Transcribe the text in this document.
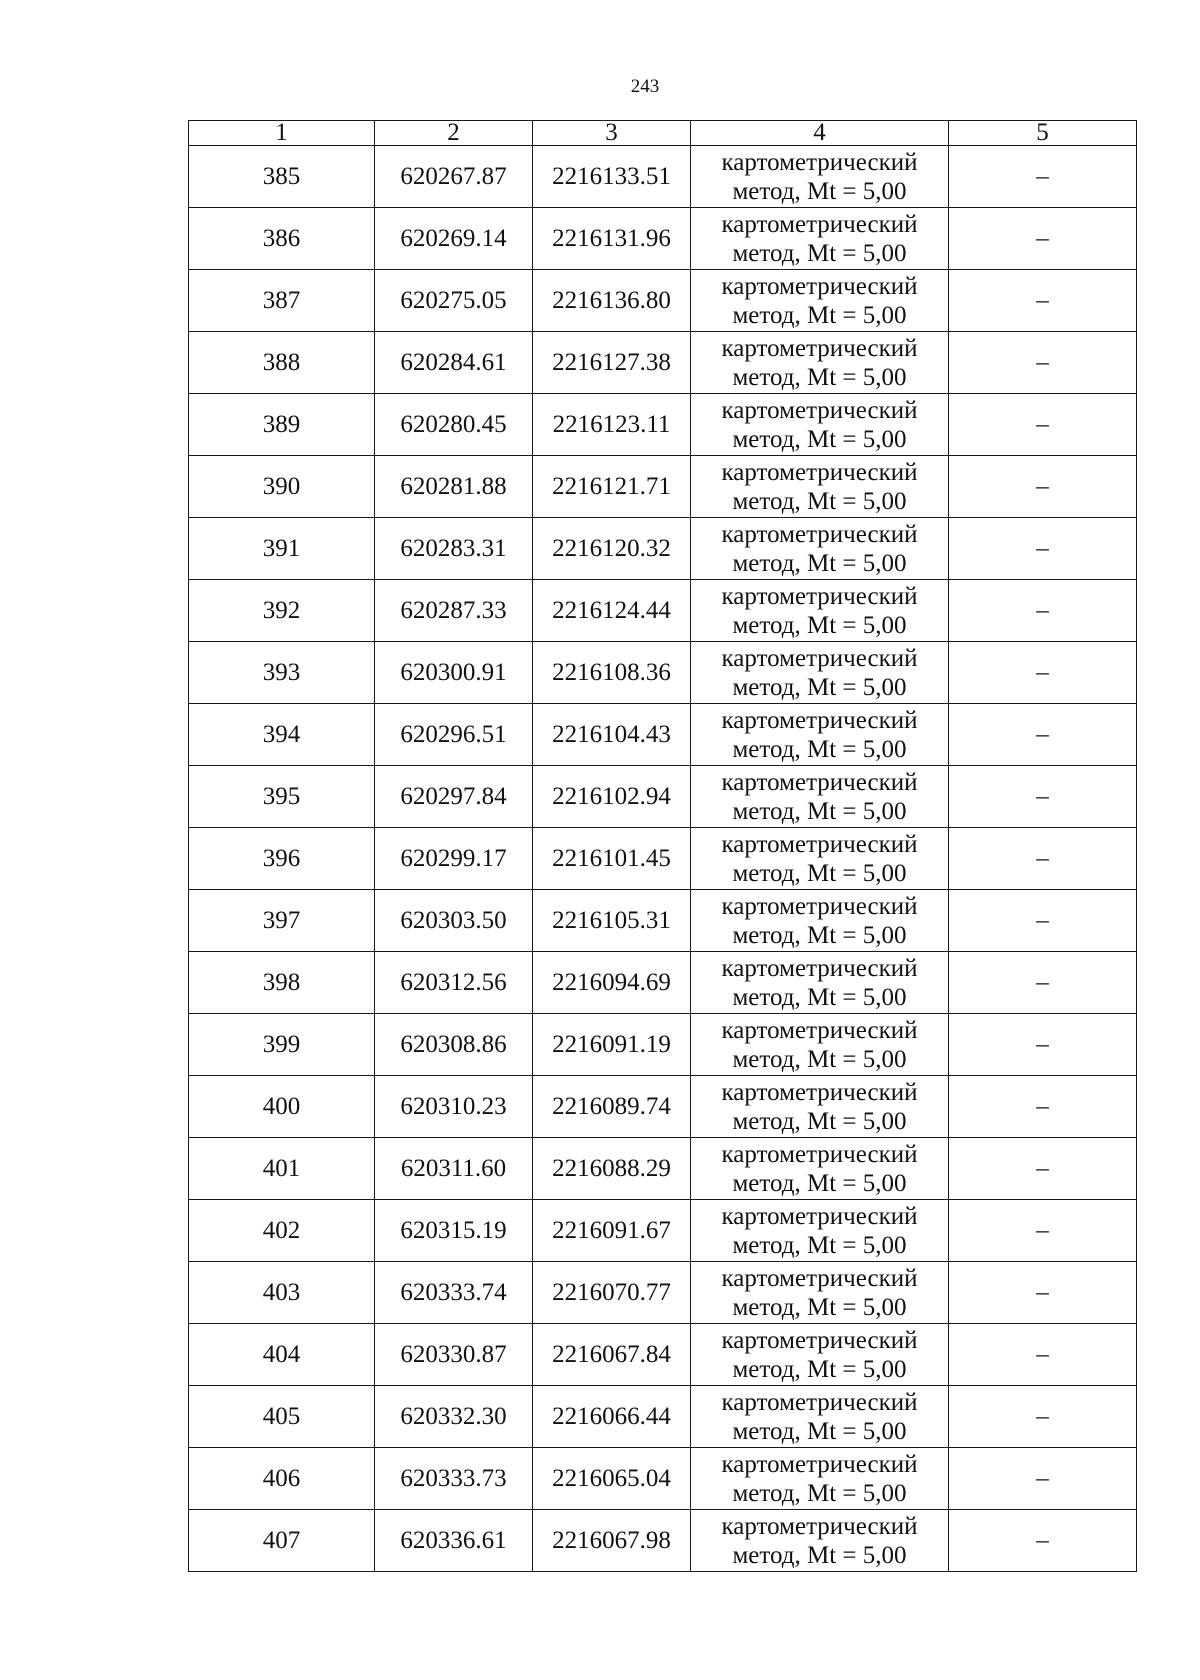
243
1	2	3	4	5
385	620267.87	2216133.51	картометрический
метод, Mt = 5,00	–
386	620269.14	2216131.96	картометрический
метод, Mt = 5,00	–
387	620275.05	2216136.80	картометрический
метод, Mt = 5,00	–
388	620284.61	2216127.38	картометрический
метод, Mt = 5,00	–
389	620280.45	2216123.11	картометрический
метод, Mt = 5,00	–
390	620281.88	2216121.71	картометрический
метод, Mt = 5,00	–
391	620283.31	2216120.32	картометрический
метод, Mt = 5,00	–
392	620287.33	2216124.44	картометрический
метод, Mt = 5,00	–
393	620300.91	2216108.36	картометрический
метод, Mt = 5,00	–
394	620296.51	2216104.43	картометрический
метод, Mt = 5,00	–
395	620297.84	2216102.94	картометрический
метод, Mt = 5,00	–
396	620299.17	2216101.45	картометрический
метод, Mt = 5,00	–
397	620303.50	2216105.31	картометрический
метод, Mt = 5,00	–
398	620312.56	2216094.69	картометрический
метод, Mt = 5,00	–
399	620308.86	2216091.19	картометрический
метод, Mt = 5,00	–
400	620310.23	2216089.74	картометрический
метод, Mt = 5,00	–
401	620311.60	2216088.29	картометрический
метод, Mt = 5,00	–
402	620315.19	2216091.67	картометрический
метод, Mt = 5,00	–
403	620333.74	2216070.77	картометрический
метод, Mt = 5,00	–
404	620330.87	2216067.84	картометрический
метод, Mt = 5,00	–
405	620332.30	2216066.44	картометрический
метод, Mt = 5,00	–
406	620333.73	2216065.04	картометрический
метод, Mt = 5,00	–
407	620336.61	2216067.98	картометрический
метод, Mt = 5,00	–
